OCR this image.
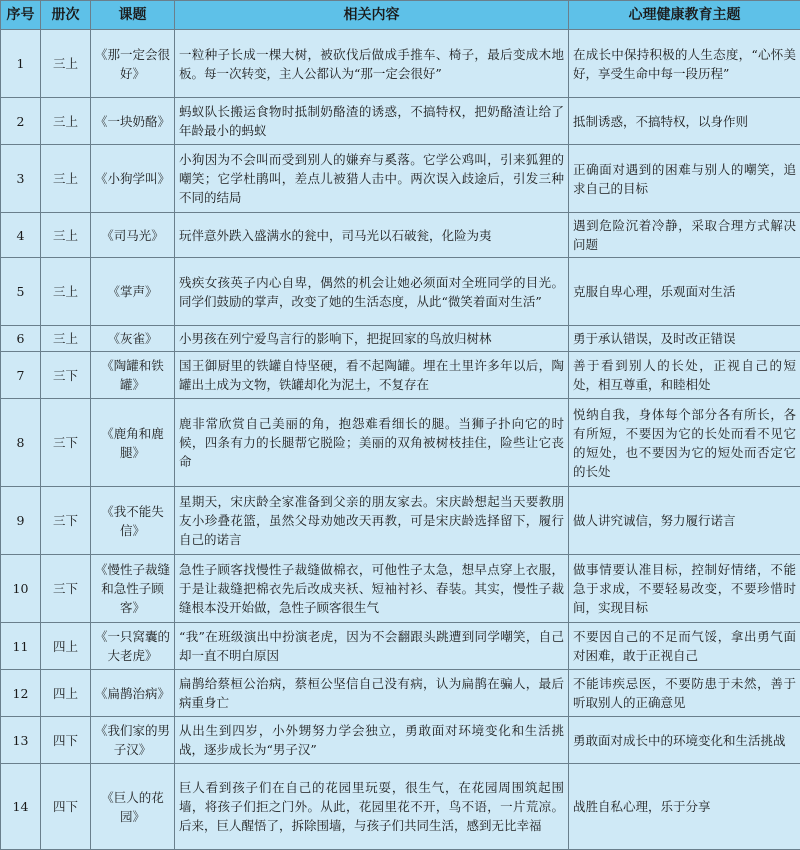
序号	册次	课题	相关内容	心理健康教育主题
1	三上	《那一定会很好》	一粒种子长成一棵大树，被砍伐后做成手推车、椅子，最后变成木地板。每一次转变，主人公都认为“那一定会很好”	在成长中保持积极的人生态度，“心怀美好，享受生命中每一段历程”
2	三上	《一块奶酪》	蚂蚁队长搬运食物时抵制奶酪渣的诱惑，不搞特权，把奶酪渣让给了年龄最小的蚂蚁	抵制诱惑，不搞特权，以身作则
3	三上	《小狗学叫》	小狗因为不会叫而受到别人的嫌弃与奚落。它学公鸡叫，引来狐狸的嘲笑；它学杜鹃叫，差点儿被猎人击中。两次误入歧途后，引发三种不同的结局	正确面对遇到的困难与别人的嘲笑，追求自己的目标
4	三上	《司马光》	玩伴意外跌入盛满水的瓮中，司马光以石破瓮，化险为夷	遇到危险沉着冷静，采取合理方式解决问题
5	三上	《掌声》	残疾女孩英子内心自卑，偶然的机会让她必须面对全班同学的目光。同学们鼓励的掌声，改变了她的生活态度，从此“微笑着面对生活”	克服自卑心理，乐观面对生活
6	三上	《灰雀》	小男孩在列宁爱鸟言行的影响下，把捉回家的鸟放归树林	勇于承认错误，及时改正错误
7	三下	《陶罐和铁罐》	国王御厨里的铁罐自恃坚硬，看不起陶罐。埋在土里许多年以后，陶罐出土成为文物，铁罐却化为泥土，不复存在	善于看到别人的长处，正视自己的短处，相互尊重，和睦相处
8	三下	《鹿角和鹿腿》	鹿非常欣赏自己美丽的角，抱怨难看细长的腿。当狮子扑向它的时候，四条有力的长腿帮它脱险；美丽的双角被树枝挂住，险些让它丧命	悦纳自我，身体每个部分各有所长，各有所短，不要因为它的长处而看不见它的短处，也不要因为它的短处而否定它的长处
9	三下	《我不能失信》	星期天，宋庆龄全家准备到父亲的朋友家去。宋庆龄想起当天要教朋友小珍叠花篮，虽然父母劝她改天再教，可是宋庆龄选择留下，履行自己的诺言	做人讲究诚信，努力履行诺言
10	三下	《慢性子裁缝和急性子顾客》	急性子顾客找慢性子裁缝做棉衣，可他性子太急，想早点穿上衣服，于是让裁缝把棉衣先后改成夹袄、短袖衬衫、春装。其实，慢性子裁缝根本没开始做，急性子顾客很生气	做事情要认准目标，控制好情绪，不能急于求成，不要轻易改变，不要珍惜时间，实现目标
11	四上	《一只窝囊的大老虎》	“我”在班级演出中扮演老虎，因为不会翻跟头跳遭到同学嘲笑，自己却一直不明白原因	不要因自己的不足而气馁，拿出勇气面对困难，敢于正视自己
12	四上	《扁鹊治病》	扁鹊给蔡桓公治病，蔡桓公坚信自己没有病，认为扁鹊在骗人，最后病重身亡	不能讳疾忌医，不要防患于未然，善于听取别人的正确意见
13	四下	《我们家的男子汉》	从出生到四岁，小外甥努力学会独立，勇敢面对环境变化和生活挑战，逐步成长为“男子汉”	勇敢面对成长中的环境变化和生活挑战
14	四下	《巨人的花园》	巨人看到孩子们在自己的花园里玩耍，很生气，在花园周围筑起围墙，将孩子们拒之门外。从此，花园里花不开，鸟不语，一片荒凉。后来，巨人醒悟了，拆除围墙，与孩子们共同生活，感到无比幸福	战胜自私心理，乐于分享
